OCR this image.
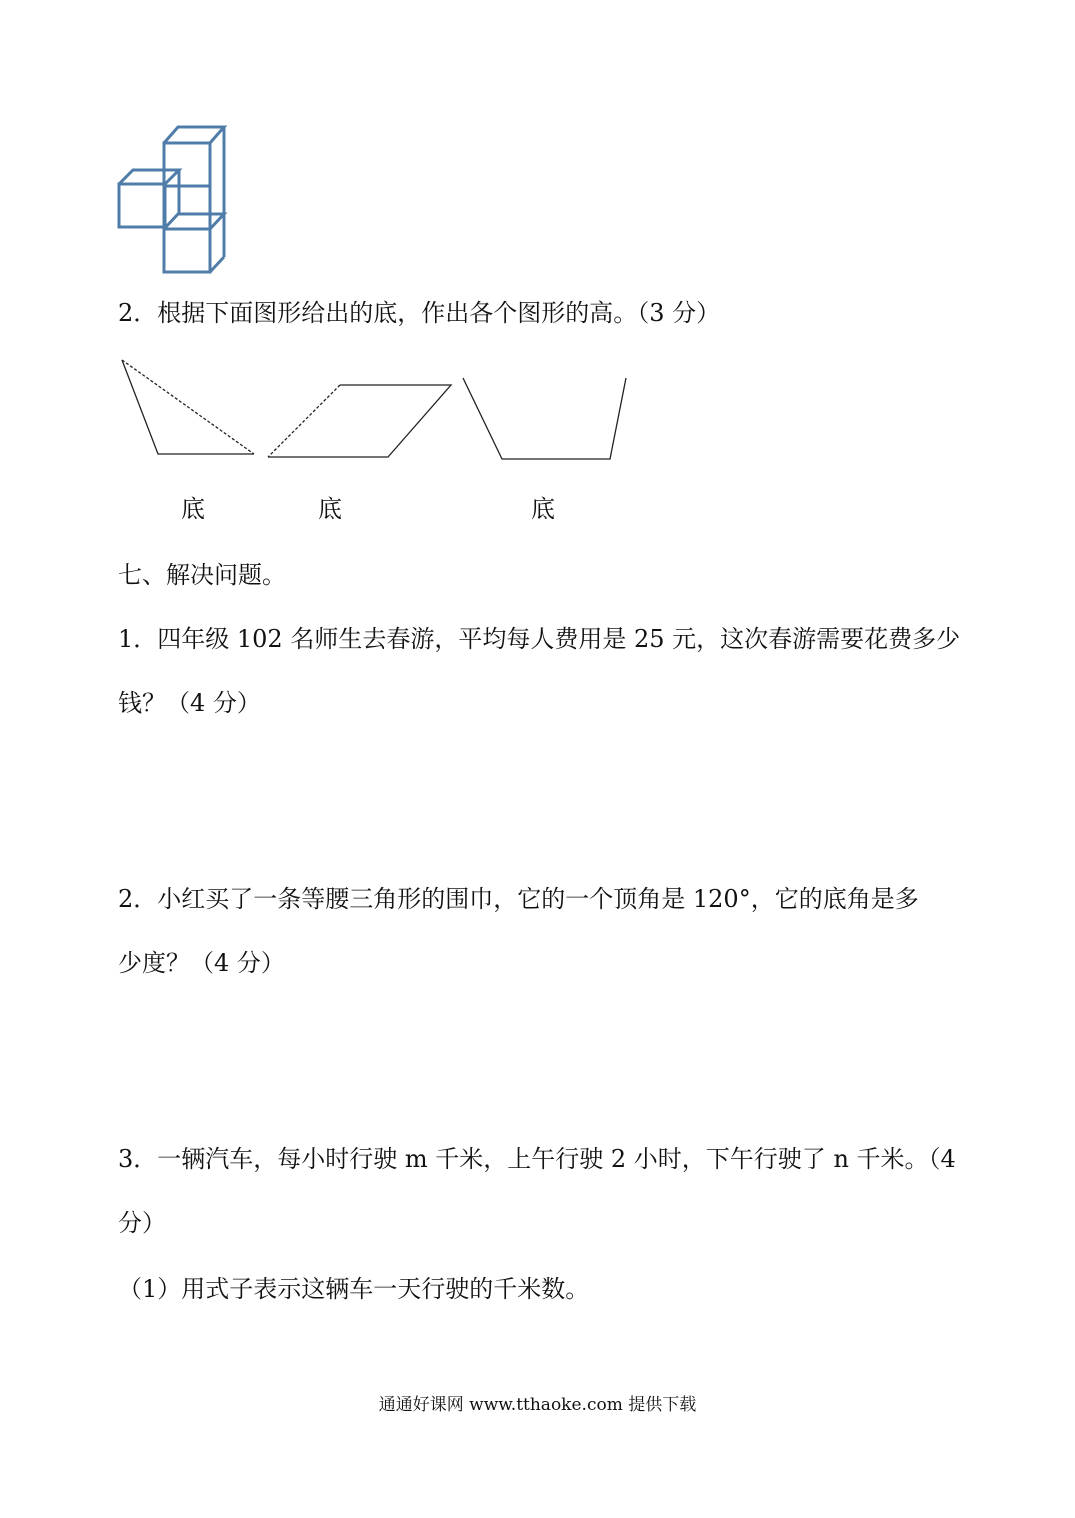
2．根据下面图形给出的底，作出各个图形的高。（3 分）
底	底	底
七、解决问题。
1．四年级 102 名师生去春游，平均每人费用是 25 元，这次春游需要花费多少
钱？（4 分）
2．小红买了一条等腰三角形的围巾，它的一个顶角是 120°，它的底角是多
少度？（4 分）
3．一辆汽车，每小时行驶 m 千米，上午行驶 2 小时，下午行驶了 n 千米。（4
分）
（1）用式子表示这辆车一天行驶的千米数。
通通好课网 www.tthaoke.com 提供下载
